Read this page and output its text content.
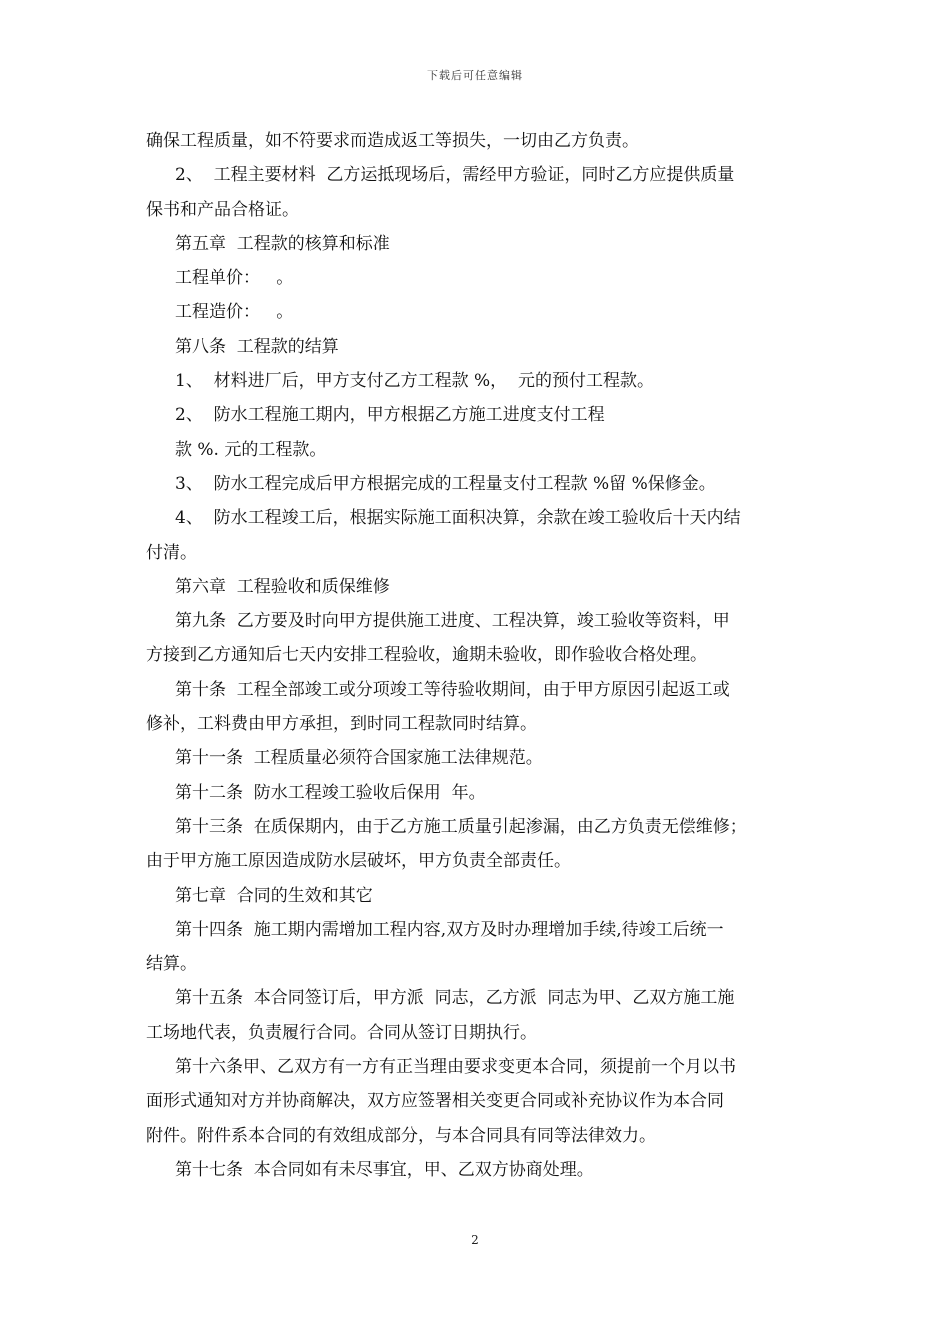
下载后可任意编辑
确保工程质量，如不符要求而造成返工等损失，一切由乙方负责。
2、  工程主要材料  乙方运抵现场后，需经甲方验证，同时乙方应提供质量
保书和产品合格证。
第五章  工程款的核算和标准
工程单价：   。
工程造价：   。
第八条  工程款的结算
1、  材料进厂后，甲方支付乙方工程款 %，  元的预付工程款。
2、  防水工程施工期内，甲方根据乙方施工进度支付工程
款 %. 元的工程款。
3、  防水工程完成后甲方根据完成的工程量支付工程款 %留 %保修金。
4、  防水工程竣工后，根据实际施工面积决算，余款在竣工验收后十天内结
付清。
第六章  工程验收和质保维修
第九条  乙方要及时向甲方提供施工进度、工程决算，竣工验收等资料，甲
方接到乙方通知后七天内安排工程验收，逾期未验收，即作验收合格处理。
第十条  工程全部竣工或分项竣工等待验收期间，由于甲方原因引起返工或
修补，工料费由甲方承担，到时同工程款同时结算。
第十一条  工程质量必须符合国家施工法律规范。
第十二条  防水工程竣工验收后保用  年。
第十三条  在质保期内，由于乙方施工质量引起渗漏，由乙方负责无偿维修；
由于甲方施工原因造成防水层破坏，甲方负责全部责任。
第七章  合同的生效和其它
第十四条  施工期内需增加工程内容,双方及时办理增加手续,待竣工后统一
结算。
第十五条  本合同签订后，甲方派  同志，乙方派  同志为甲、乙双方施工施
工场地代表，负责履行合同。合同从签订日期执行。
第十六条甲、乙双方有一方有正当理由要求变更本合同，须提前一个月以书
面形式通知对方并协商解决，双方应签署相关变更合同或补充协议作为本合同
附件。附件系本合同的有效组成部分，与本合同具有同等法律效力。
第十七条  本合同如有未尽事宜，甲、乙双方协商处理。
2
